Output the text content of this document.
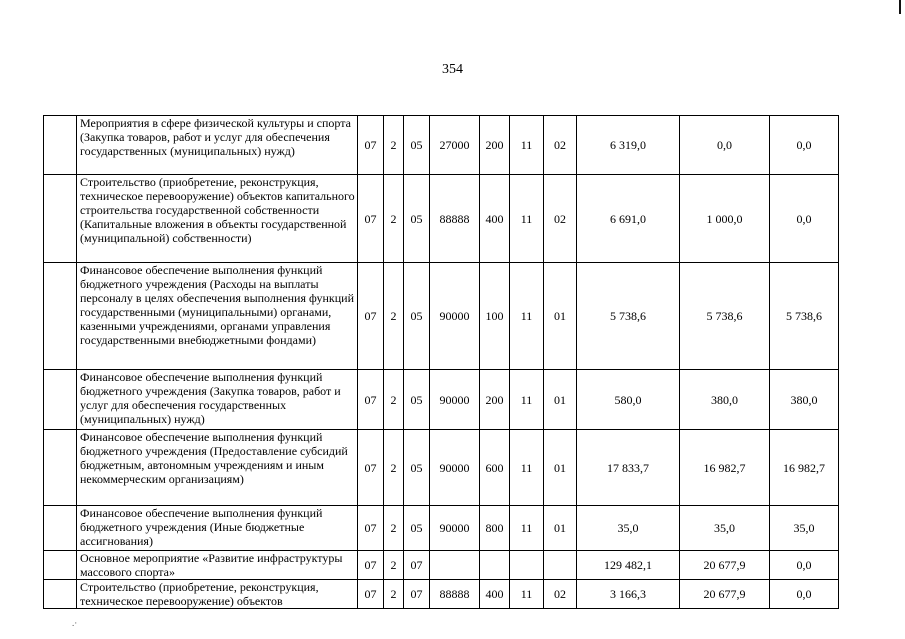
354
	Мероприятия в сфере физической культуры и спорта (Закупка товаров, работ и услуг для обеспечения государственных (муниципальных) нужд)	07	2	05	27000	200	11	02	6 319,0	0,0	0,0
	Строительство (приобретение, реконструкция, техническое перевооружение) объектов капитального строительства государственной собственности (Капитальные вложения в объекты государственной (муниципальной) собственности)	07	2	05	88888	400	11	02	6 691,0	1 000,0	0,0
	Финансовое обеспечение выполнения функций бюджетного учреждения (Расходы на выплаты персоналу в целях обеспечения выполнения функций государственными (муниципальными) органами, казенными учреждениями, органами управления государственными внебюджетными фондами)	07	2	05	90000	100	11	01	5 738,6	5 738,6	5 738,6
	Финансовое обеспечение выполнения функций бюджетного учреждения (Закупка товаров, работ и услуг для обеспечения государственных (муниципальных) нужд)	07	2	05	90000	200	11	01	580,0	380,0	380,0
	Финансовое обеспечение выполнения функций бюджетного учреждения (Предоставление субсидий бюджетным, автономным учреждениям и иным некоммерческим организациям)	07	2	05	90000	600	11	01	17 833,7	16 982,7	16 982,7
	Финансовое обеспечение выполнения функций бюджетного учреждения (Иные бюджетные ассигнования)	07	2	05	90000	800	11	01	35,0	35,0	35,0
	Основное мероприятие «Развитие инфраструктуры массового спорта»	07	2	07					129 482,1	20 677,9	0,0
	Строительство (приобретение, реконструкция, техническое перевооружение) объектов	07	2	07	88888	400	11	02	3 166,3	20 677,9	0,0
.·
